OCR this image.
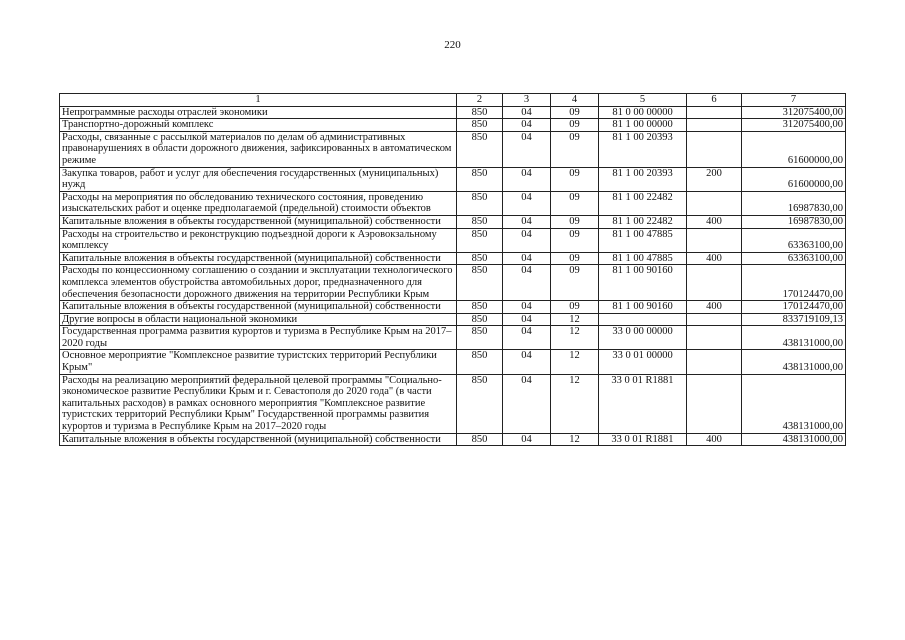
220
1	2	3	4	5	6	7
Непрограммные расходы отраслей экономики	850	04	09	81 0 00 00000		312075400,00
Транспортно-дорожный комплекс	850	04	09	81 1 00 00000		312075400,00
Расходы, связанные с рассылкой материалов по делам об административных правонарушениях в области дорожного движения, зафиксированных в автоматическом режиме	850	04	09	81 1 00 20393		61600000,00
Закупка товаров, работ и услуг для обеспечения государственных (муниципальных) нужд	850	04	09	81 1 00 20393	200	61600000,00
Расходы на мероприятия по обследованию технического состояния, проведению изыскательских работ и оценке предполагаемой (предельной) стоимости объектов	850	04	09	81 1 00 22482		16987830,00
Капитальные вложения в объекты государственной (муниципальной) собственности	850	04	09	81 1 00 22482	400	16987830,00
Расходы на строительство и реконструкцию подъездной дороги к Аэровокзальному комплексу	850	04	09	81 1 00 47885		63363100,00
Капитальные вложения в объекты государственной (муниципальной) собственности	850	04	09	81 1 00 47885	400	63363100,00
Расходы по концессионному соглашению о создании и эксплуатации технологического комплекса элементов обустройства автомобильных дорог, предназначенного для обеспечения безопасности дорожного движения на территории Республики Крым	850	04	09	81 1 00 90160		170124470,00
Капитальные вложения в объекты государственной (муниципальной) собственности	850	04	09	81 1 00 90160	400	170124470,00
Другие вопросы в области национальной экономики	850	04	12			833719109,13
Государственная программа развития курортов и туризма в Республике Крым на 2017–2020 годы	850	04	12	33 0 00 00000		438131000,00
Основное мероприятие "Комплексное развитие туристских территорий Республики Крым"	850	04	12	33 0 01 00000		438131000,00
Расходы на реализацию мероприятий федеральной целевой программы "Социально-экономическое развитие Республики Крым и г. Севастополя до 2020 года" (в части капитальных расходов) в рамках основного мероприятия "Комплексное развитие туристских территорий Республики Крым" Государственной программы развития курортов и туризма в Республике Крым на 2017–2020 годы	850	04	12	33 0 01 R1881		438131000,00
Капитальные вложения в объекты государственной (муниципальной) собственности	850	04	12	33 0 01 R1881	400	438131000,00
